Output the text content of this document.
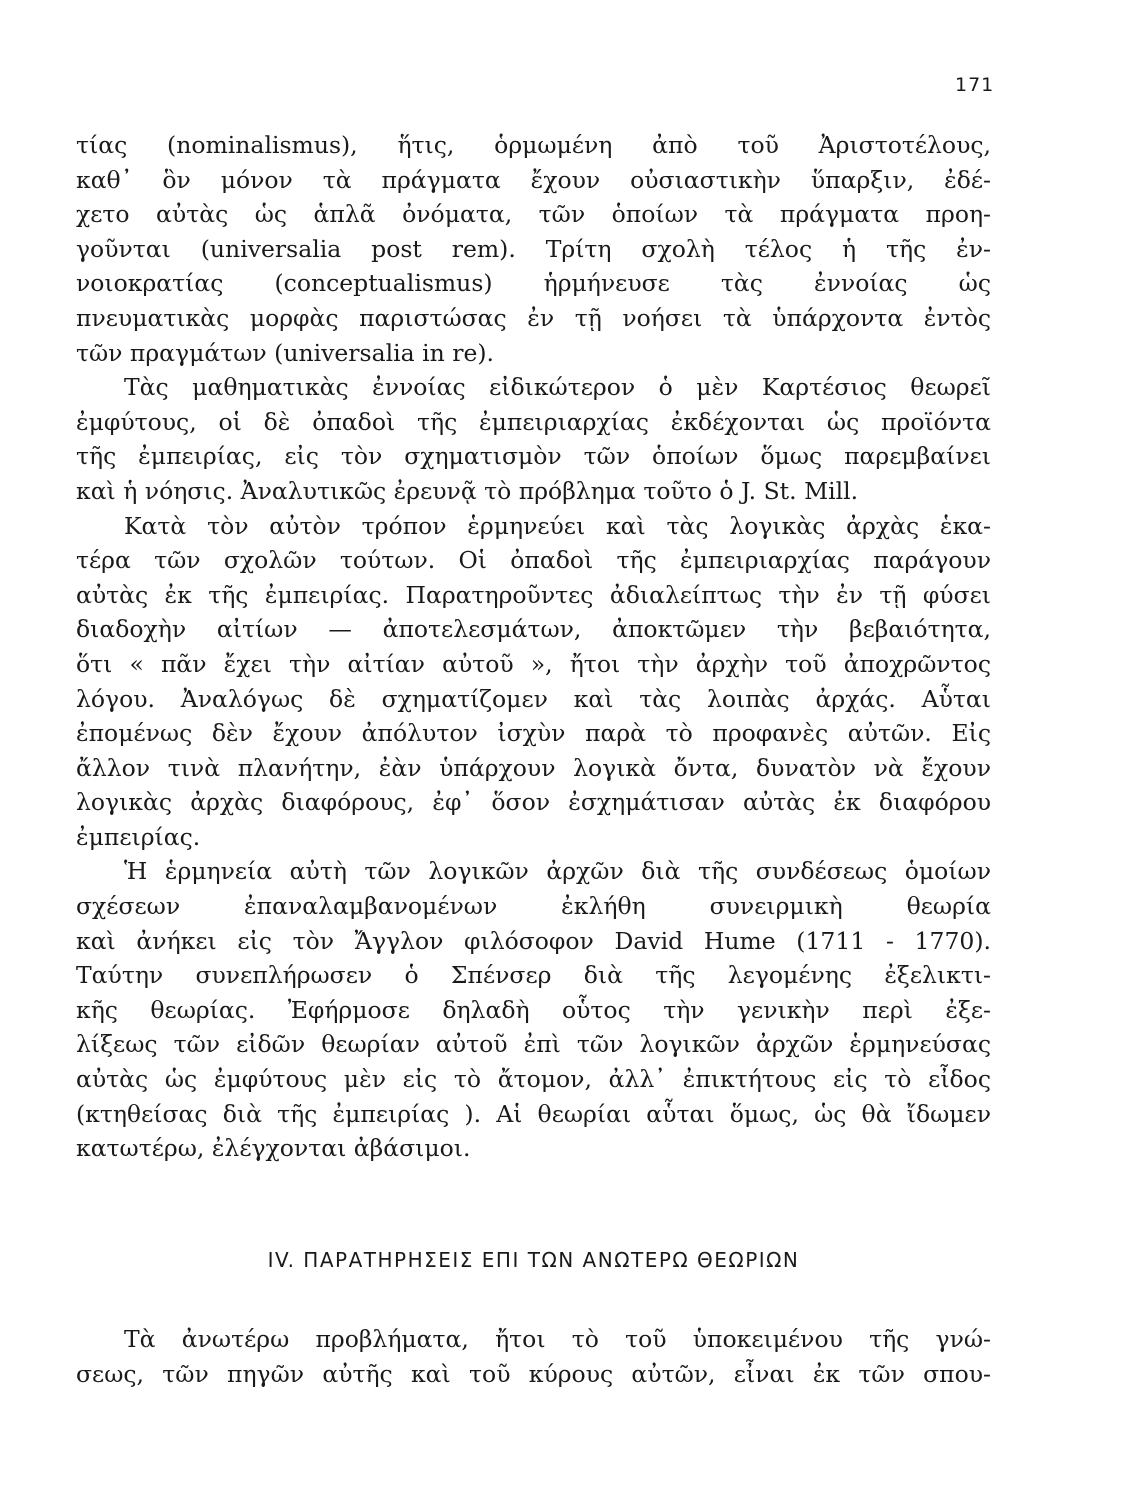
171
τίας (nominalismus), ἥτις, ὁρμωμένη ἀπὸ τοῦ Ἀριστοτέλους,
καθ᾿ ὃν μόνον τὰ πράγματα ἔχουν οὐσιαστικὴν ὕπαρξιν, ἐδέ-
χετο αὐτὰς ὡς ἁπλᾶ ὀνόματα, τῶν ὁποίων τὰ πράγματα προη-
γοῦνται (universalia post rem). Τρίτη σχολὴ τέλος ἡ τῆς ἐν-
νοιοκρατίας (conceptualismus) ἡρμήνευσε τὰς ἐννοίας ὡς
πνευματικὰς μορφὰς παριστώσας ἐν τῇ νοήσει τὰ ὑπάρχοντα ἐντὸς
τῶν πραγμάτων (universalia in re).
Τὰς μαθηματικὰς ἐννοίας εἰδικώτερον ὁ μὲν Καρτέσιος θεωρεῖ
ἐμφύτους, οἱ δὲ ὀπαδοὶ τῆς ἐμπειριαρχίας ἐκδέχονται ὡς προϊόντα
τῆς ἐμπειρίας, εἰς τὸν σχηματισμὸν τῶν ὁποίων ὅμως παρεμβαίνει
καὶ ἡ νόησις. Ἀναλυτικῶς ἐρευνᾷ τὸ πρόβλημα τοῦτο ὁ J. St. Mill.
Κατὰ τὸν αὐτὸν τρόπον ἑρμηνεύει καὶ τὰς λογικὰς ἀρχὰς ἑκα-
τέρα τῶν σχολῶν τούτων. Οἱ ὀπαδοὶ τῆς ἐμπειριαρχίας παράγουν
αὐτὰς ἐκ τῆς ἐμπειρίας. Παρατηροῦντες ἀδιαλείπτως τὴν ἐν τῇ φύσει
διαδοχὴν αἰτίων — ἀποτελεσμάτων, ἀποκτῶμεν τὴν βεβαιότητα,
ὅτι « πᾶν ἔχει τὴν αἰτίαν αὐτοῦ », ἤτοι τὴν ἀρχὴν τοῦ ἀποχρῶντος
λόγου. Ἀναλόγως δὲ σχηματίζομεν καὶ τὰς λοιπὰς ἀρχάς. Αὗται
ἐπομένως δὲν ἔχουν ἀπόλυτον ἰσχὺν παρὰ τὸ προφανὲς αὐτῶν. Εἰς
ἄλλον τινὰ πλανήτην, ἐὰν ὑπάρχουν λογικὰ ὄντα, δυνατὸν νὰ ἔχουν
λογικὰς ἀρχὰς διαφόρους, ἐφ᾿ ὅσον ἐσχημάτισαν αὐτὰς ἐκ διαφόρου
ἐμπειρίας.
Ἡ ἑρμηνεία αὐτὴ τῶν λογικῶν ἀρχῶν διὰ τῆς συνδέσεως ὁμοίων
σχέσεων ἐπαναλαμβανομένων ἐκλήθη συνειρμικὴ θεωρία
καὶ ἀνήκει εἰς τὸν Ἄγγλον φιλόσοφον David Hume (1711 - 1770).
Ταύτην συνεπλήρωσεν ὁ Σπένσερ διὰ τῆς λεγομένης ἐξελικτι-
κῆς θεωρίας. Ἐφήρμοσε δηλαδὴ οὗτος τὴν γενικὴν περὶ ἐξε-
λίξεως τῶν εἰδῶν θεωρίαν αὐτοῦ ἐπὶ τῶν λογικῶν ἀρχῶν ἑρμηνεύσας
αὐτὰς ὡς ἐμφύτους μὲν εἰς τὸ ἄτομον, ἀλλ᾿ ἐπικτήτους εἰς τὸ εἶδος
(κτηθείσας διὰ τῆς ἐμπειρίας ). Αἱ θεωρίαι αὗται ὅμως, ὡς θὰ ἴδωμεν
κατωτέρω, ἐλέγχονται ἀβάσιμοι.
IV. ΠΑΡΑΤΗΡΗΣΕΙΣ ΕΠΙ ΤΩΝ ΑΝΩΤΕΡΩ ΘΕΩΡΙΩΝ
Τὰ ἀνωτέρω προβλήματα, ἤτοι τὸ τοῦ ὑποκειμένου τῆς γνώ-
σεως, τῶν πηγῶν αὐτῆς καὶ τοῦ κύρους αὐτῶν, εἶναι ἐκ τῶν σπου-
